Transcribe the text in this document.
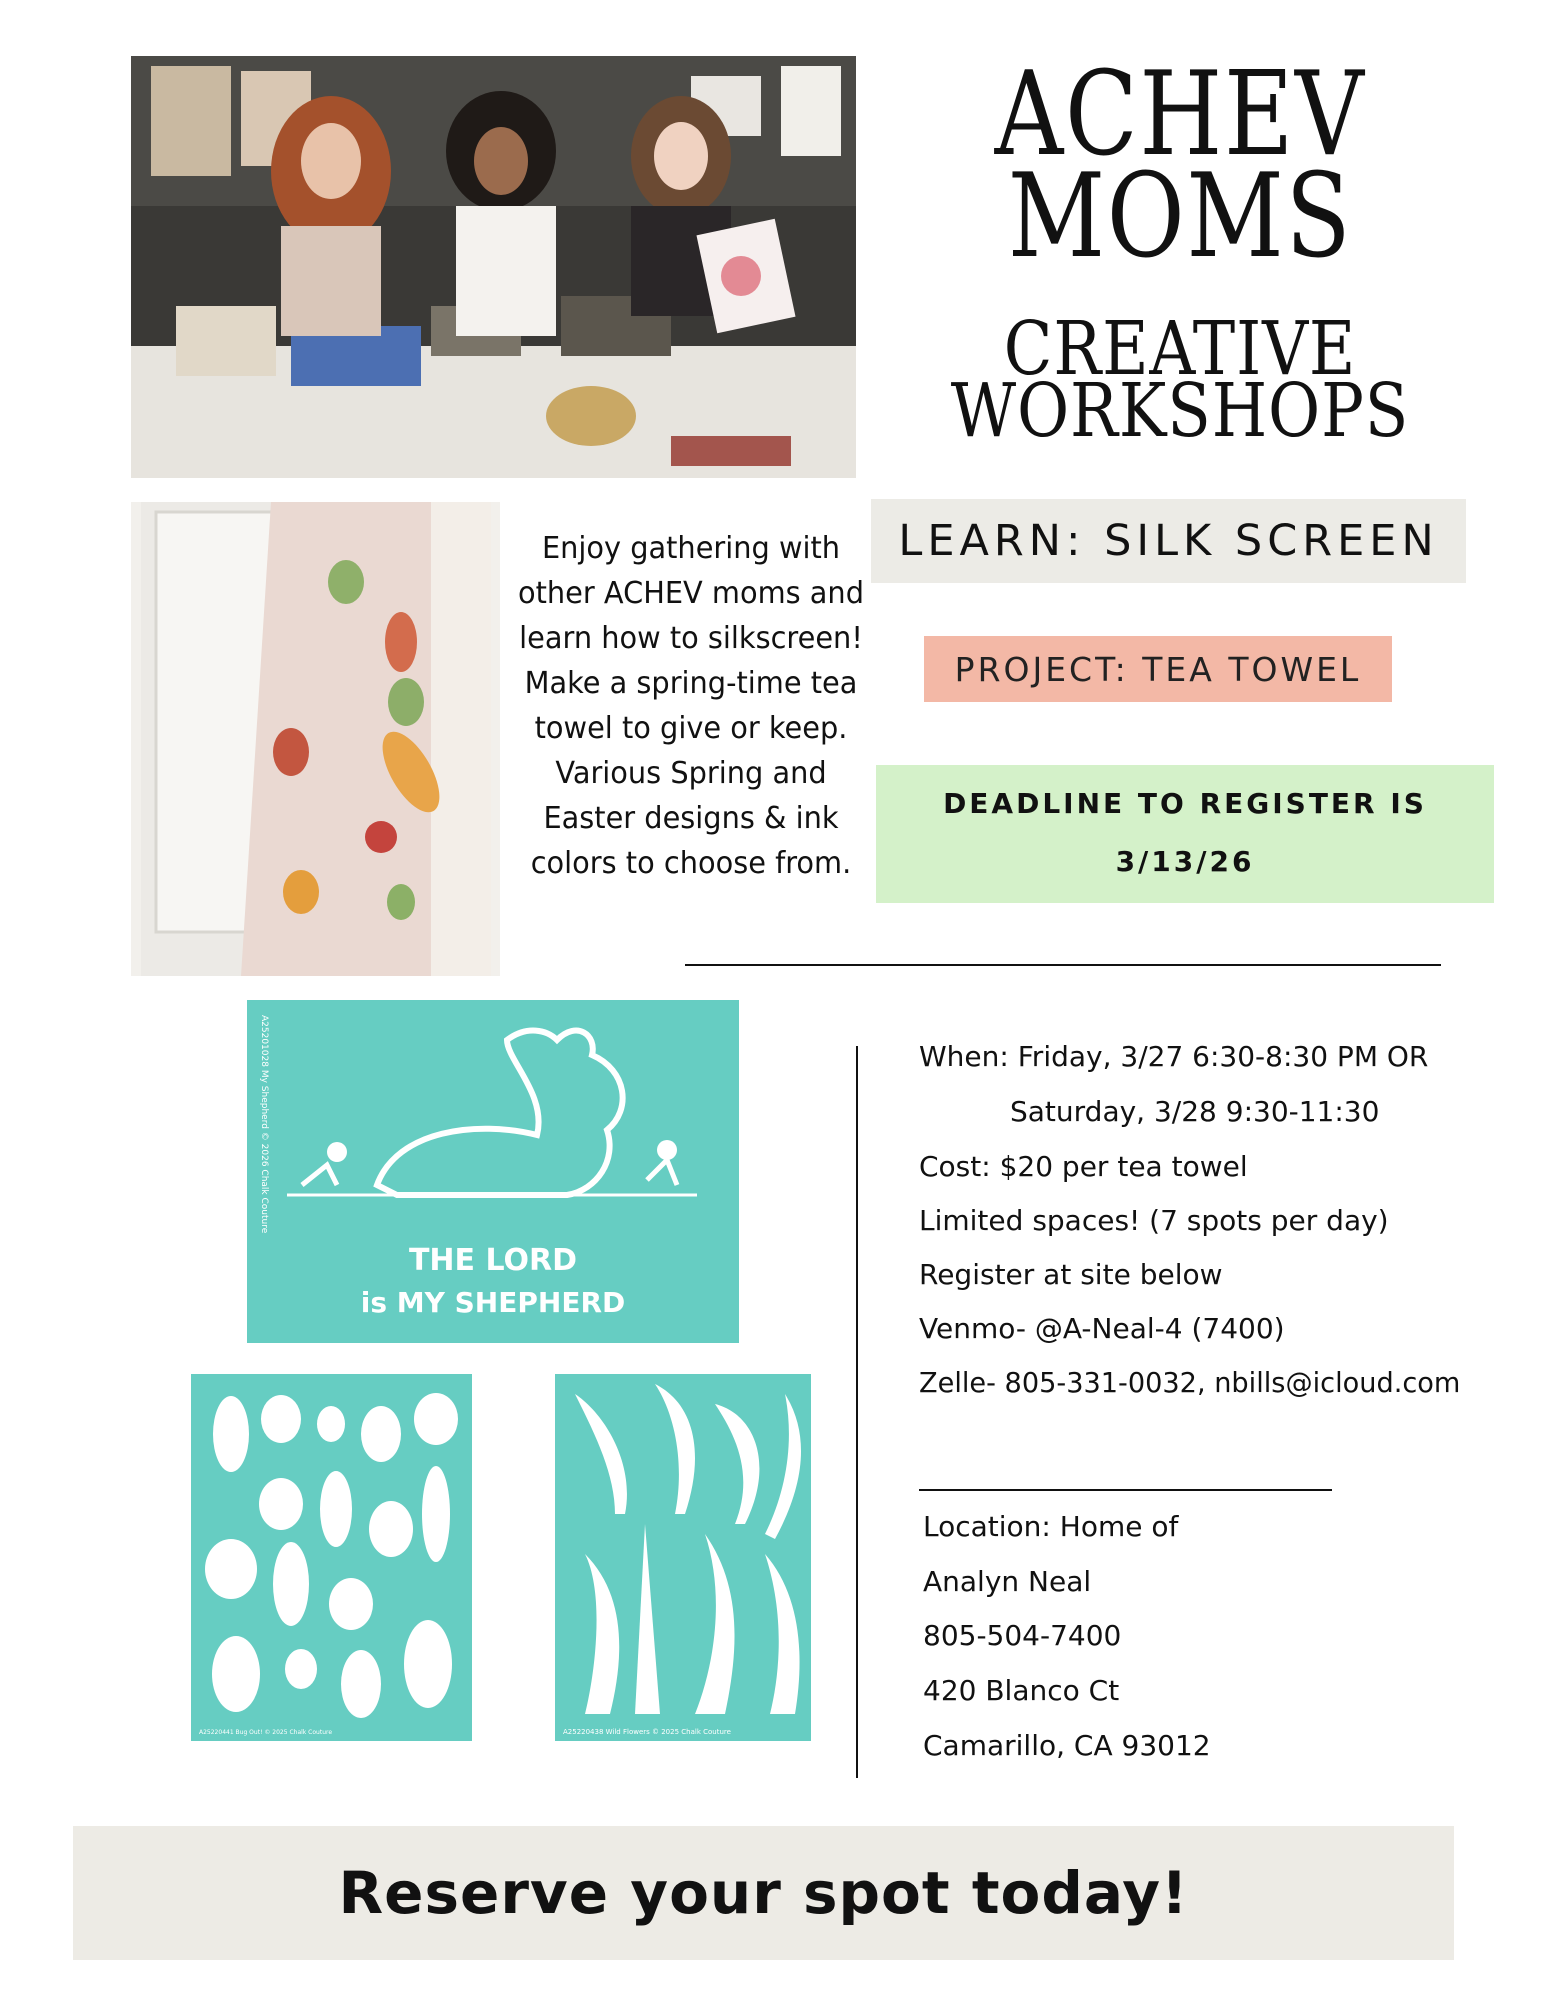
ACHEV
MOMS
CREATIVE
WORKSHOPS
Enjoy gathering with other ACHEV moms and learn how to silkscreen! Make a spring-time tea towel to give or keep. Various Spring and Easter designs & ink colors to choose from.
LEARN: SILK SCREEN
PROJECT: TEA TOWEL
DEADLINE TO REGISTER IS
3/13/26
When: Friday, 3/27 6:30-8:30 PM OR
Saturday, 3/28 9:30-11:30
Cost: $20 per tea towel
Limited spaces! (7 spots per day)
Register at site below
Venmo- @A-Neal-4 (7400)
Zelle- 805-331-0032, nbills@icloud.com
Location: Home of
Analyn Neal
805-504-7400
420 Blanco Ct
Camarillo, CA 93012
THE LORD
is MY SHEPHERD
A25201028 My Shepherd © 2026 Chalk Couture
A25220441 Bug Out! © 2025 Chalk Couture	A25220438 Wild Flowers © 2025 Chalk Couture
Reserve your spot today!
